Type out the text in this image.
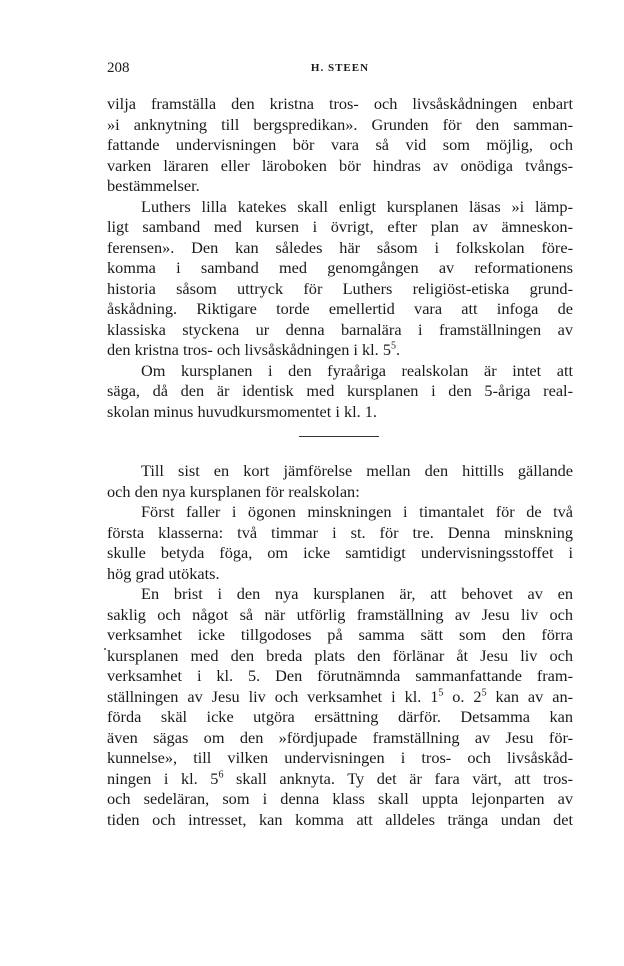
208	H. STEEN
vilja framställa den kristna tros- och livsåskådningen enbart
»i anknytning till bergspredikan». Grunden för den samman-
fattande undervisningen bör vara så vid som möjlig, och
varken läraren eller läroboken bör hindras av onödiga tvångs-
bestämmelser.
Luthers lilla katekes skall enligt kursplanen läsas »i lämp-
ligt samband med kursen i övrigt, efter plan av ämneskon-
ferensen». Den kan således här såsom i folkskolan före-
komma i samband med genomgången av reformationens
historia såsom uttryck för Luthers religiöst-etiska grund-
åskådning. Riktigare torde emellertid vara att infoga de
klassiska styckena ur denna barnalära i framställningen av
den kristna tros- och livsåskådningen i kl. $5^5$.
Om kursplanen i den fyraåriga realskolan är intet att
säga, då den är identisk med kursplanen i den 5-åriga real-
skolan minus huvudkursmomentet i kl. 1.
Till sist en kort jämförelse mellan den hittills gällande
och den nya kursplanen för realskolan:
Först faller i ögonen minskningen i timantalet för de två
första klasserna: två timmar i st. för tre. Denna minskning
skulle betyda föga, om icke samtidigt undervisningsstoffet i
hög grad utökats.
En brist i den nya kursplanen är, att behovet av en
saklig och något så när utförlig framställning av Jesu liv och
verksamhet icke tillgodoses på samma sätt som den förra
kursplanen med den breda plats den förlänar åt Jesu liv och
verksamhet i kl. 5. Den förutnämnda sammanfattande fram-
ställningen av Jesu liv och verksamhet i kl. $1^5$ o. $2^5$ kan av an-
förda skäl icke utgöra ersättning därför. Detsamma kan
även sägas om den »fördjupade framställning av Jesu för-
kunnelse», till vilken undervisningen i tros- och livsåskåd-
ningen i kl. $5^6$ skall anknyta. Ty det är fara värt, att tros-
och sedeläran, som i denna klass skall uppta lejonparten av
tiden och intresset, kan komma att alldeles tränga undan det
